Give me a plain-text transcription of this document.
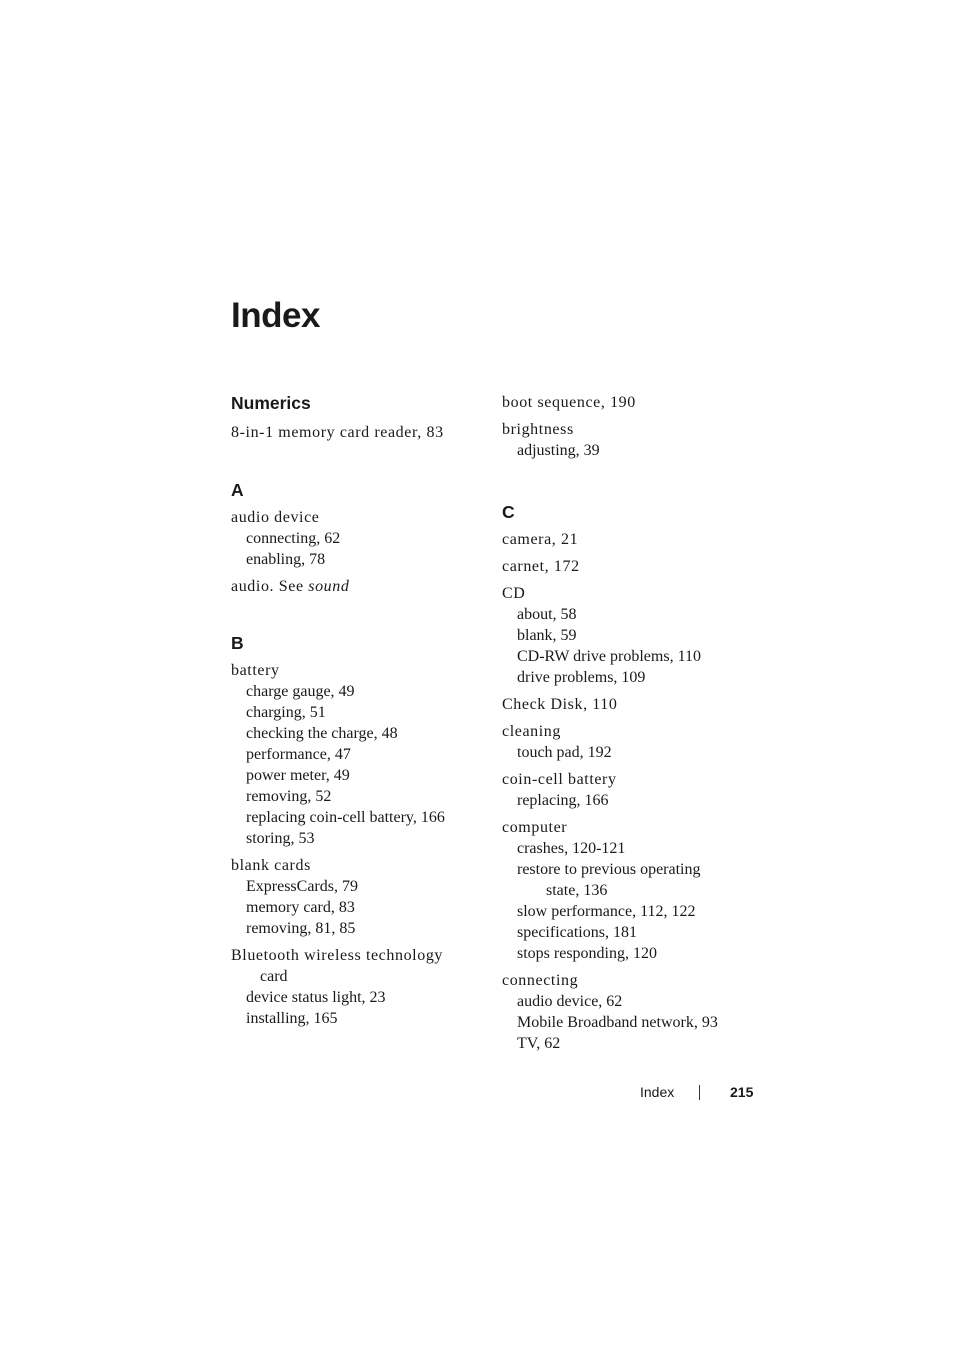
Index
Numerics
8-in-1 memory card reader, 83
A
audio device
connecting, 62
enabling, 78
audio. See sound
B
battery
charge gauge, 49
charging, 51
checking the charge, 48
performance, 47
power meter, 49
removing, 52
replacing coin-cell battery, 166
storing, 53
blank cards
ExpressCards, 79
memory card, 83
removing, 81, 85
Bluetooth wireless technology
card
device status light, 23
installing, 165
boot sequence, 190
brightness
adjusting, 39
C
camera, 21
carnet, 172
CD
about, 58
blank, 59
CD-RW drive problems, 110
drive problems, 109
Check Disk, 110
cleaning
touch pad, 192
coin-cell battery
replacing, 166
computer
crashes, 120-121
restore to previous operating
state, 136
slow performance, 112, 122
specifications, 181
stops responding, 120
connecting
audio device, 62
Mobile Broadband network, 93
TV, 62
Index	215
